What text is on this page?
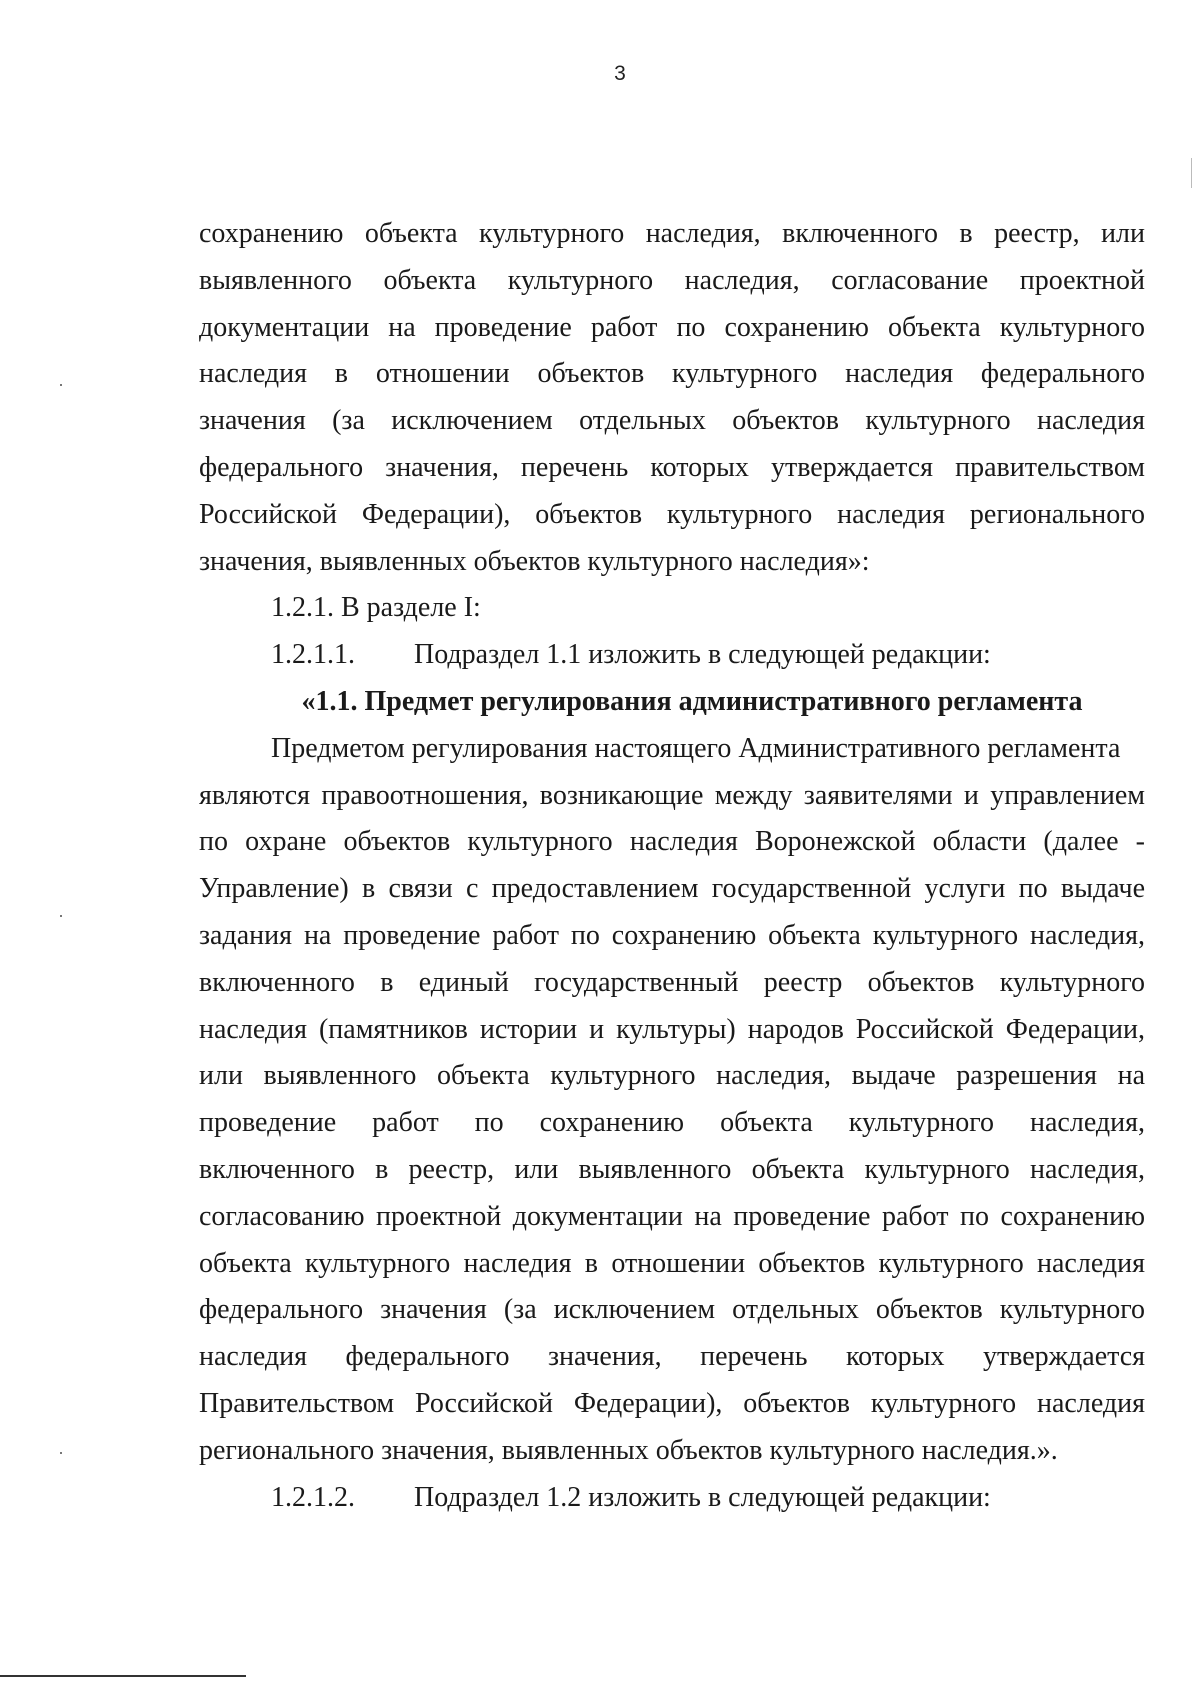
3

сохранению объекта культурного наследия, включенного в реестр, или

выявленного объекта культурного наследия, согласование проектной

документации на проведение работ по сохранению объекта культурного

наследия в отношении объектов культурного наследия федерального

значения (за исключением отдельных объектов культурного наследия

федерального значения, перечень которых утверждается правительством

Российской Федерации), объектов культурного наследия регионального

значения, выявленных объектов культурного наследия»:

1.2.1. В разделе I:

1.2.1.1. Подраздел 1.1 изложить в следующей редакции:

«1.1. Предмет регулирования административного регламента

Предметом регулирования настоящего Административного регламента

являются правоотношения, возникающие между заявителями и управлением

по охране объектов культурного наследия Воронежской области (далее -

Управление) в связи с предоставлением государственной услуги по выдаче

задания на проведение работ по сохранению объекта культурного наследия,

включенного в единый государственный реестр объектов культурного

наследия (памятников истории и культуры) народов Российской Федерации,

или выявленного объекта культурного наследия, выдаче разрешения на

проведение работ по сохранению объекта культурного наследия,

включенного в реестр, или выявленного объекта культурного наследия,

согласованию проектной документации на проведение работ по сохранению

объекта культурного наследия в отношении объектов культурного наследия

федерального значения (за исключением отдельных объектов культурного

наследия федерального значения, перечень которых утверждается

Правительством Российской Федерации), объектов культурного наследия

регионального значения, выявленных объектов культурного наследия.».

1.2.1.2. Подраздел 1.2 изложить в следующей редакции:
